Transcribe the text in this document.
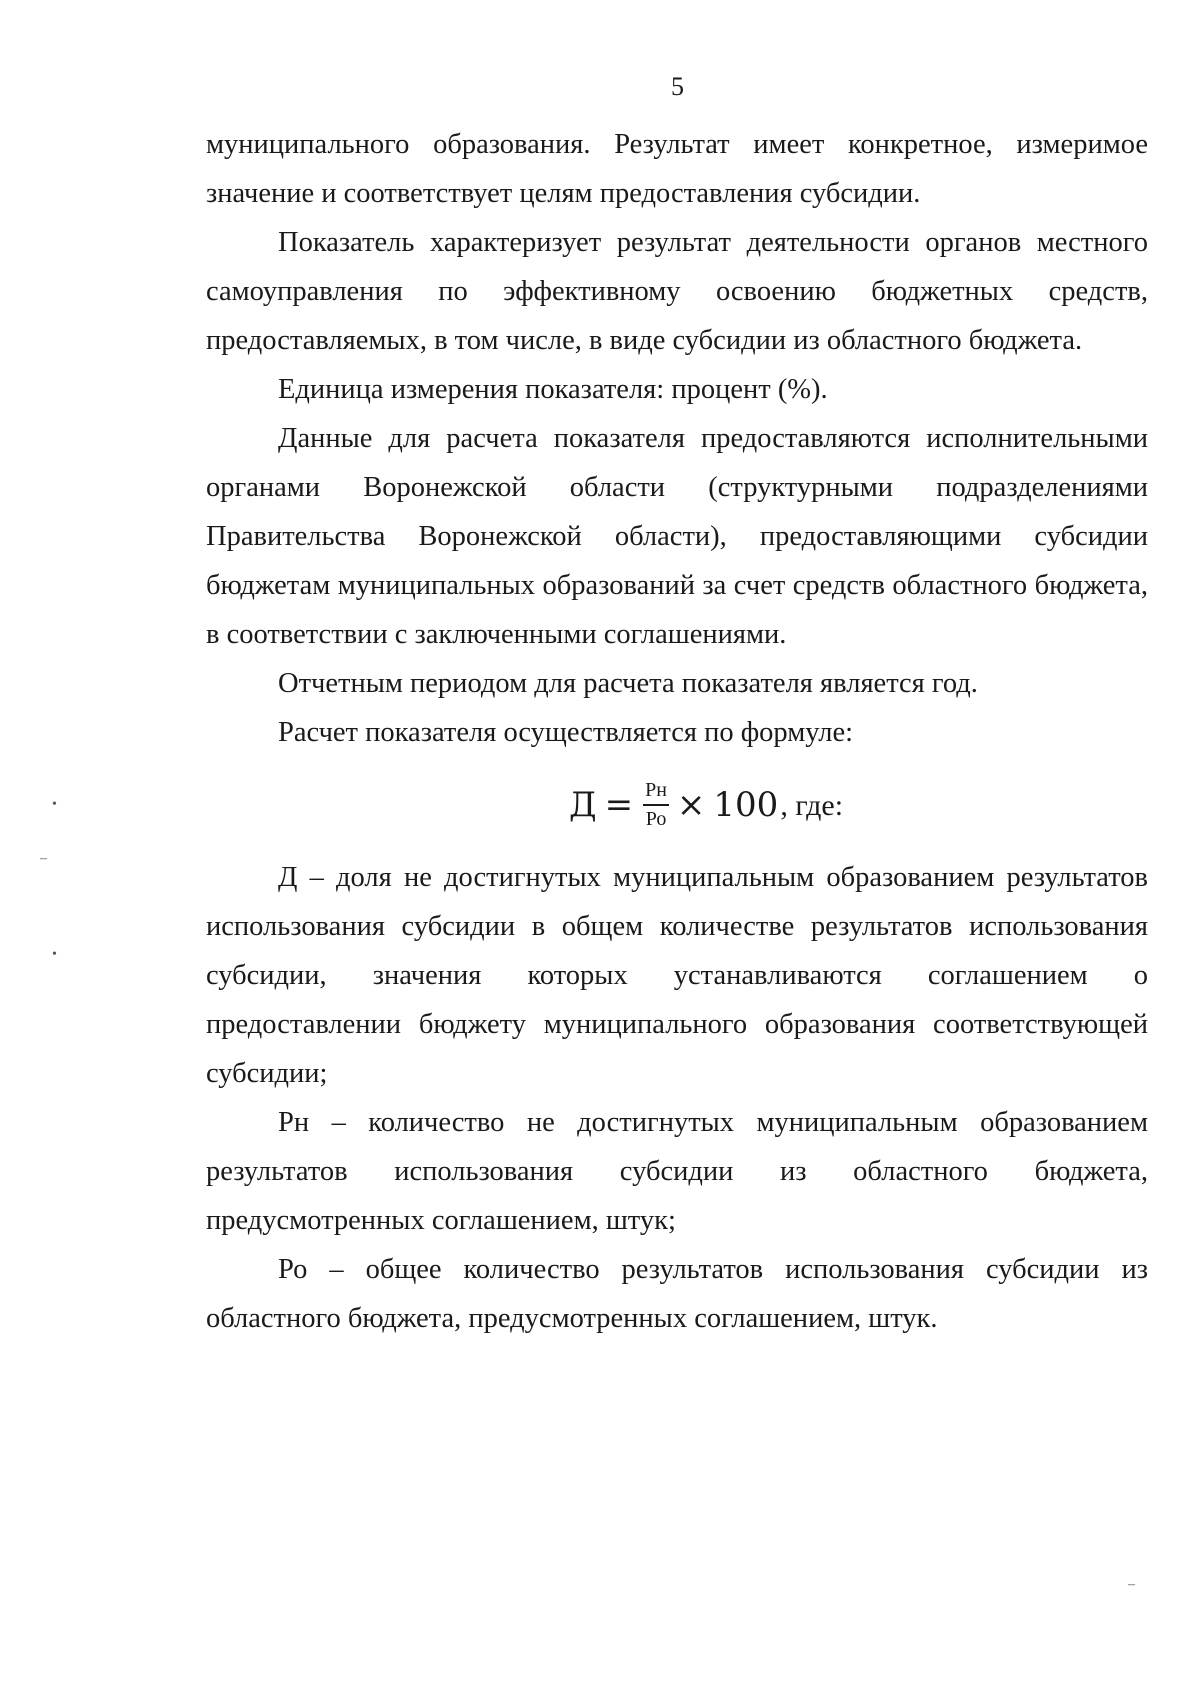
5

муниципального образования. Результат имеет конкретное, измеримое значение и соответствует целям предоставления субсидии.

Показатель характеризует результат деятельности органов местного самоуправления по эффективному освоению бюджетных средств, предоставляемых, в том числе, в виде субсидии из областного бюджета.

Единица измерения показателя: процент (%).

Данные для расчета показателя предоставляются исполнительными органами Воронежской области (структурными подразделениями Правительства Воронежской области), предоставляющими субсидии бюджетам муниципальных образований за счет средств областного бюджета, в соответствии с заключенными соглашениями.

Отчетным периодом для расчета показателя является год.

Расчет показателя осуществляется по формуле:

$Д = \frac{Рн}{Ро} \times 100$ , где:

Д – доля не достигнутых муниципальным образованием результатов использования субсидии в общем количестве результатов использования субсидии, значения которых устанавливаются соглашением о предоставлении бюджету муниципального образования соответствующей субсидии;

Рн – количество не достигнутых муниципальным образованием результатов использования субсидии из областного бюджета, предусмотренных соглашением, штук;

Ро – общее количество результатов использования субсидии из областного бюджета, предусмотренных соглашением, штук.

•
–
•
–
